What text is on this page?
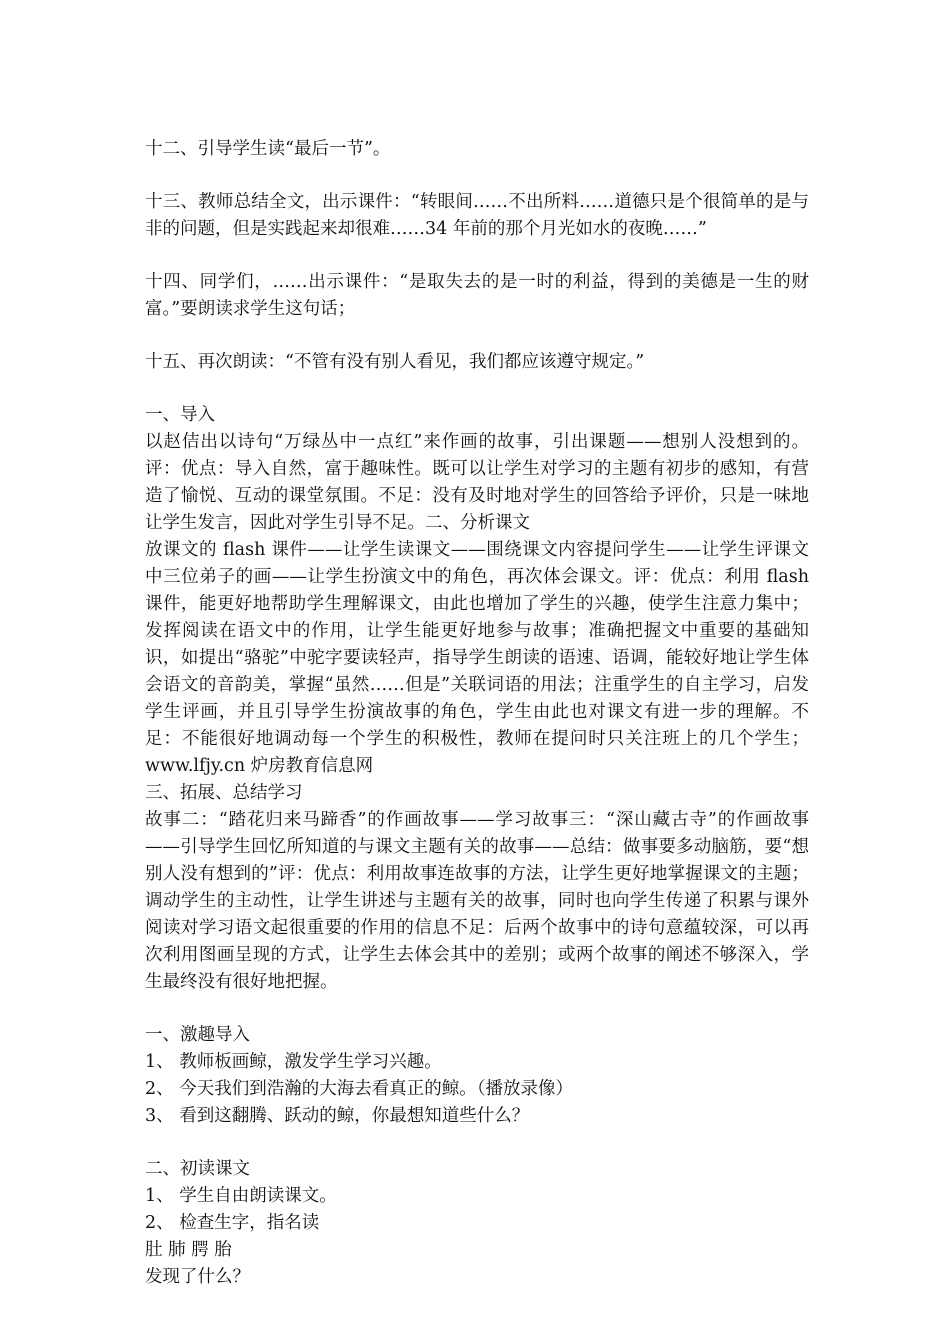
十二、引导学生读“最后一节”。

十三、教师总结全文，出示课件：“转眼间……不出所料……道德只是个很简单的是与非的问题，但是实践起来却很难……34 年前的那个月光如水的夜晚……”

十四、同学们，……出示课件：“是取失去的是一时的利益，得到的美德是一生的财富。”要朗读求学生这句话；

十五、再次朗读：“不管有没有别人看见，我们都应该遵守规定。”

一、导入

以赵佶出以诗句“万绿丛中一点红”来作画的故事，引出课题——想别人没想到的。评：优点：导入自然，富于趣味性。既可以让学生对学习的主题有初步的感知，有营造了愉悦、互动的课堂氛围。不足：没有及时地对学生的回答给予评价，只是一味地让学生发言，因此对学生引导不足。二、分析课文

放课文的 flash 课件——让学生读课文——围绕课文内容提问学生——让学生评课文中三位弟子的画——让学生扮演文中的角色，再次体会课文。评：优点：利用 flash 课件，能更好地帮助学生理解课文，由此也增加了学生的兴趣，使学生注意力集中；发挥阅读在语文中的作用，让学生能更好地参与故事；准确把握文中重要的基础知识，如提出“骆驼”中驼字要读轻声，指导学生朗读的语速、语调，能较好地让学生体会语文的音韵美，掌握“虽然……但是”关联词语的用法；注重学生的自主学习，启发学生评画，并且引导学生扮演故事的角色，学生由此也对课文有进一步的理解。不足：不能很好地调动每一个学生的积极性，教师在提问时只关注班上的几个学生； www.lfjy.cn 炉房教育信息网

三、拓展、总结学习

故事二：“踏花归来马蹄香”的作画故事——学习故事三：“深山藏古寺”的作画故事——引导学生回忆所知道的与课文主题有关的故事——总结：做事要多动脑筋，要“想别人没有想到的”评：优点：利用故事连故事的方法，让学生更好地掌握课文的主题；调动学生的主动性，让学生讲述与主题有关的故事，同时也向学生传递了积累与课外阅读对学习语文起很重要的作用的信息不足：后两个故事中的诗句意蕴较深，可以再次利用图画呈现的方式，让学生去体会其中的差别；或两个故事的阐述不够深入，学生最终没有很好地把握。

一、激趣导入

1、 教师板画鲸，激发学生学习兴趣。

2、 今天我们到浩瀚的大海去看真正的鲸。（播放录像）

3、 看到这翻腾、跃动的鲸，你最想知道些什么？

二、初读课文

1、 学生自由朗读课文。

2、 检查生字，指名读

肚 肺 腭 胎

发现了什么？
